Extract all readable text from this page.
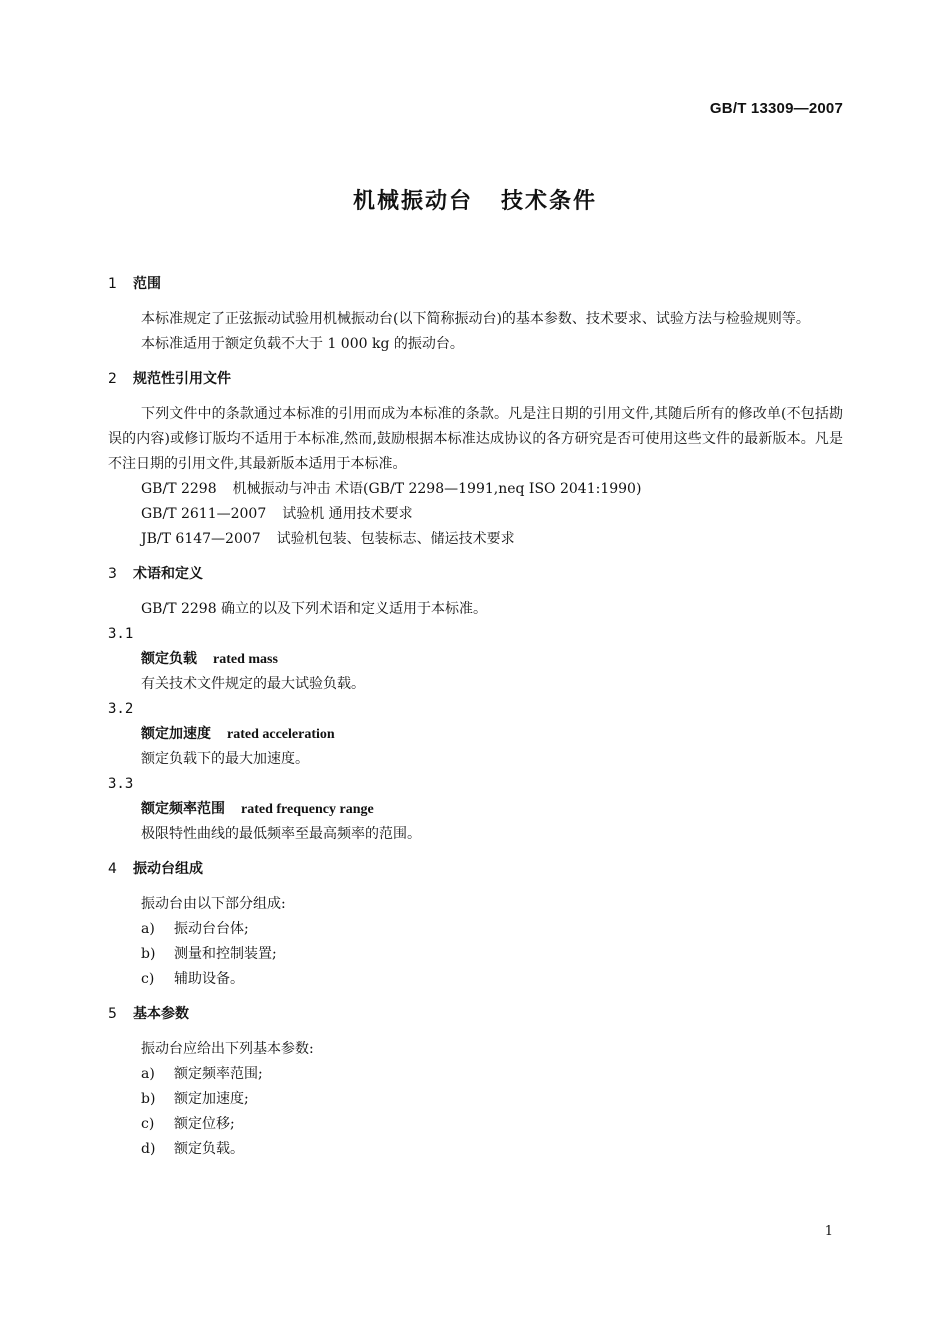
GB/T 13309—2007
机械振动台 技术条件
1 范围

本标准规定了正弦振动试验用机械振动台(以下简称振动台)的基本参数、技术要求、试验方法与检验规则等。

本标准适用于额定负载不大于 1 000 kg 的振动台。

2 规范性引用文件

下列文件中的条款通过本标准的引用而成为本标准的条款。凡是注日期的引用文件,其随后所有的修改单(不包括勘误的内容)或修订版均不适用于本标准,然而,鼓励根据本标准达成协议的各方研究是否可使用这些文件的最新版本。凡是不注日期的引用文件,其最新版本适用于本标准。

GB/T 2298 机械振动与冲击 术语(GB/T 2298—1991,neq ISO 2041:1990)

GB/T 2611—2007 试验机 通用技术要求

JB/T 6147—2007 试验机包装、包装标志、储运技术要求

3 术语和定义

GB/T 2298 确立的以及下列术语和定义适用于本标准。

3.1

额定负载 rated mass

有关技术文件规定的最大试验负载。

3.2

额定加速度 rated acceleration

额定负载下的最大加速度。

3.3

额定频率范围 rated frequency range

极限特性曲线的最低频率至最高频率的范围。

4 振动台组成

振动台由以下部分组成:

a) 振动台台体;

b) 测量和控制装置;

c) 辅助设备。

5 基本参数

振动台应给出下列基本参数:

a) 额定频率范围;

b) 额定加速度;

c) 额定位移;

d) 额定负载。

1
